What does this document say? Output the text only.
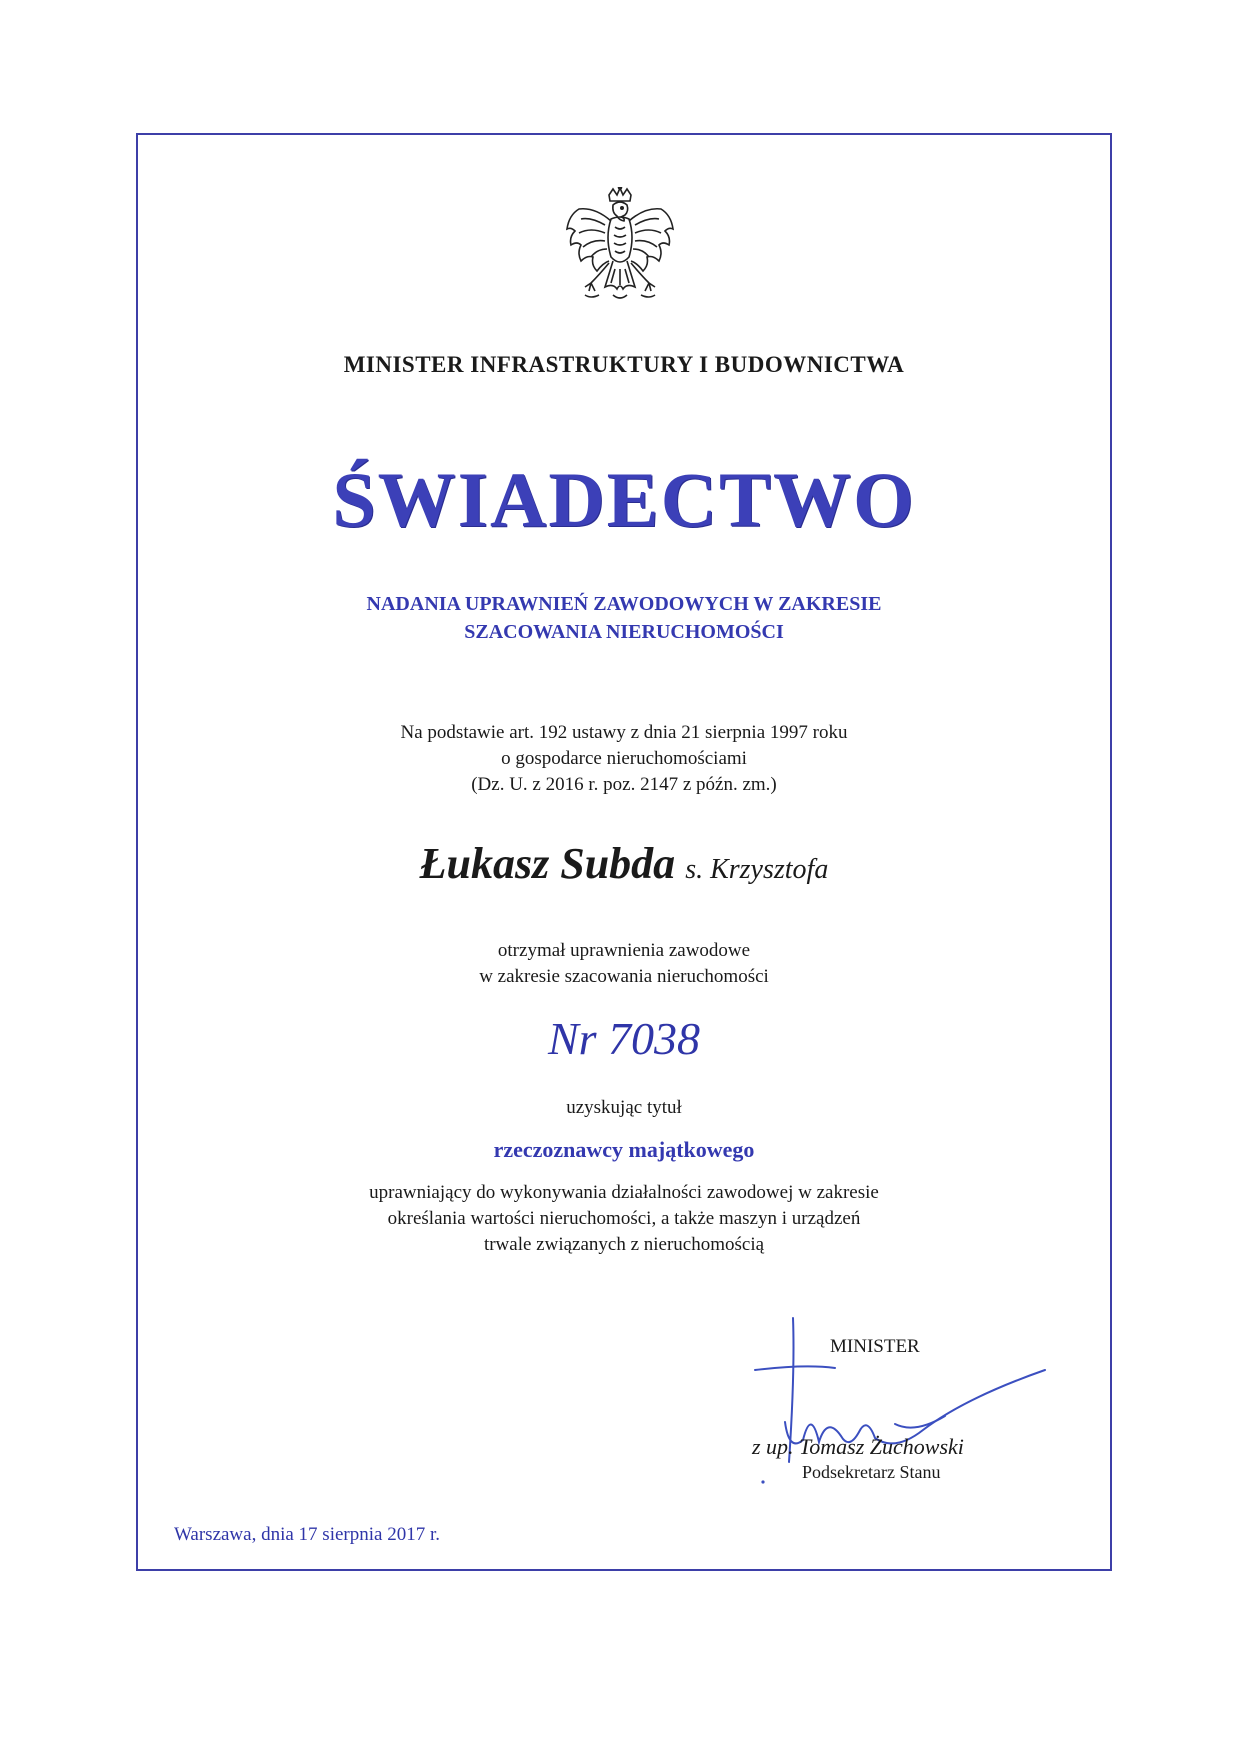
MINISTER INFRASTRUKTURY I BUDOWNICTWA
ŚWIADECTWO
NADANIA UPRAWNIEŃ ZAWODOWYCH W ZAKRESIE
SZACOWANIA NIERUCHOMOŚCI
Na podstawie art. 192 ustawy z dnia 21 sierpnia 1997 roku
o gospodarce nieruchomościami
(Dz. U. z 2016 r. poz. 2147 z późn. zm.)
Łukasz Subda s. Krzysztofa
otrzymał uprawnienia zawodowe
w zakresie szacowania nieruchomości
Nr 7038
uzyskując tytuł
rzeczoznawcy majątkowego
uprawniający do wykonywania działalności zawodowej w zakresie
określania wartości nieruchomości, a także maszyn i urządzeń
trwale związanych z nieruchomością
MINISTER
z up. Tomasz Żuchowski
Podsekretarz Stanu
Warszawa, dnia 17 sierpnia 2017 r.
